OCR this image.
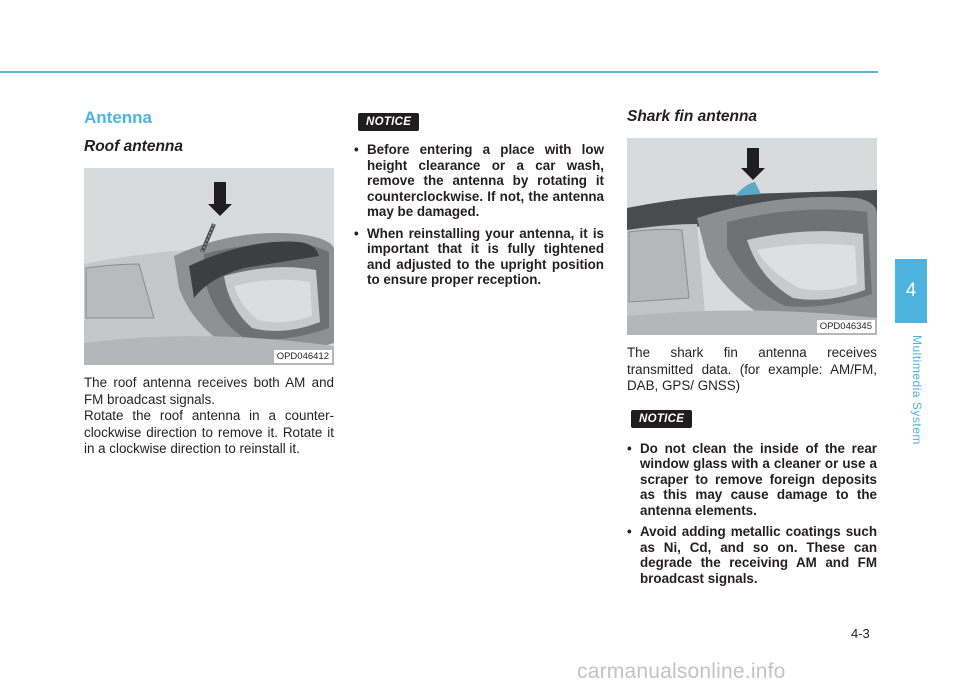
Antenna
Roof antenna
OPD046412

The roof antenna receives both AM and FM broadcast signals.

Rotate the roof antenna in a counter-clockwise direction to remove it. Rotate it in a clockwise direction to reinstall it.

NOTICE
• Before entering a place with low height clearance or a car wash, remove the antenna by rotating it counterclockwise. If not, the antenna may be damaged.
• When reinstalling your antenna, it is important that it is fully tightened and adjusted to the upright position to ensure proper reception.
Shark fin antenna
OPD046345

The shark fin antenna receives transmitted data. (for example: AM/FM, DAB, GPS/ GNSS)

NOTICE
• Do not clean the inside of the rear window glass with a cleaner or use a scraper to remove foreign deposits as this may cause damage to the antenna elements.
• Avoid adding metallic coatings such as Ni, Cd, and so on. These can degrade the receiving AM and FM broadcast signals.
4
Multimedia System
4-3
carmanualsonline.info
